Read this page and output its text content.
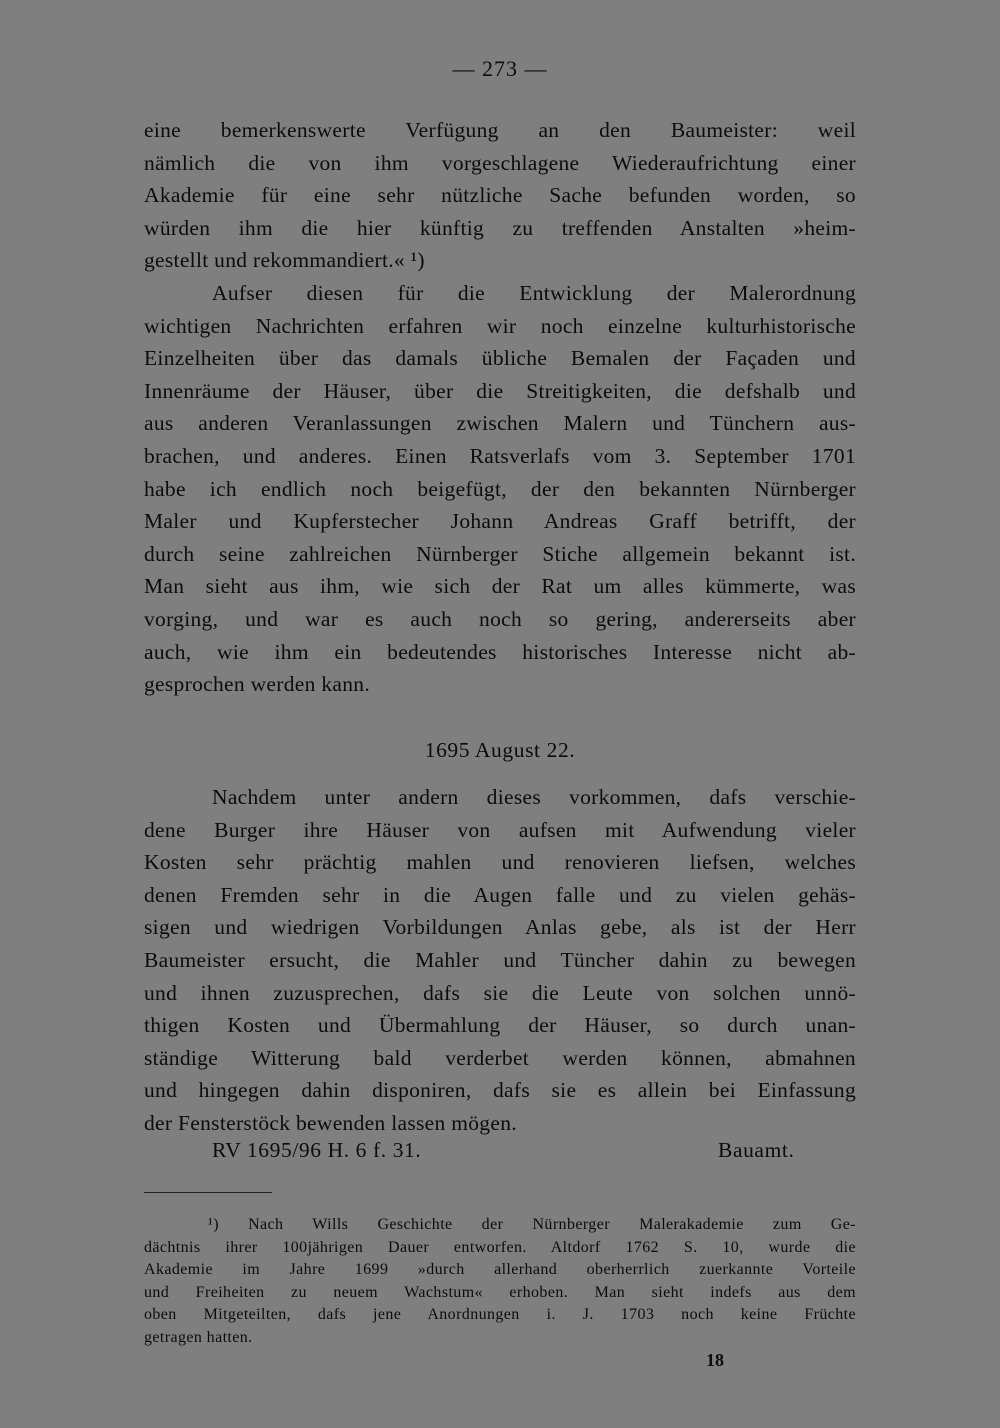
— 273 —
eine bemerkenswerte Verfügung an den Baumeister: weil
nämlich die von ihm vorgeschlagene Wiederaufrichtung einer
Akademie für eine sehr nützliche Sache befunden worden, so
würden ihm die hier künftig zu treffenden Anstalten »heim-
gestellt und rekommandiert.« ¹)
Aufser diesen für die Entwicklung der Malerordnung
wichtigen Nachrichten erfahren wir noch einzelne kulturhistorische
Einzelheiten über das damals übliche Bemalen der Façaden und
Innenräume der Häuser, über die Streitigkeiten, die defshalb und
aus anderen Veranlassungen zwischen Malern und Tünchern aus-
brachen, und anderes. Einen Ratsverlafs vom 3. September 1701
habe ich endlich noch beigefügt, der den bekannten Nürnberger
Maler und Kupferstecher Johann Andreas Graff betrifft, der
durch seine zahlreichen Nürnberger Stiche allgemein bekannt ist.
Man sieht aus ihm, wie sich der Rat um alles kümmerte, was
vorging, und war es auch noch so gering, andererseits aber
auch, wie ihm ein bedeutendes historisches Interesse nicht ab-
gesprochen werden kann.
1695 August 22.
Nachdem unter andern dieses vorkommen, dafs verschie-
dene Burger ihre Häuser von aufsen mit Aufwendung vieler
Kosten sehr prächtig mahlen und renovieren liefsen, welches
denen Fremden sehr in die Augen falle und zu vielen gehäs-
sigen und wiedrigen Vorbildungen Anlas gebe, als ist der Herr
Baumeister ersucht, die Mahler und Tüncher dahin zu bewegen
und ihnen zuzusprechen, dafs sie die Leute von solchen unnö-
thigen Kosten und Übermahlung der Häuser, so durch unan-
ständige Witterung bald verderbet werden können, abmahnen
und hingegen dahin disponiren, dafs sie es allein bei Einfassung
der Fensterstöck bewenden lassen mögen.
RV 1695/96 H. 6 f. 31.	Bauamt.
¹) Nach Wills Geschichte der Nürnberger Malerakademie zum Ge-
dächtnis ihrer 100jährigen Dauer entworfen. Altdorf 1762 S. 10, wurde die
Akademie im Jahre 1699 »durch allerhand oberherrlich zuerkannte Vorteile
und Freiheiten zu neuem Wachstum« erhoben. Man sieht indefs aus dem
oben Mitgeteilten, dafs jene Anordnungen i. J. 1703 noch keine Früchte
getragen hatten.
18
